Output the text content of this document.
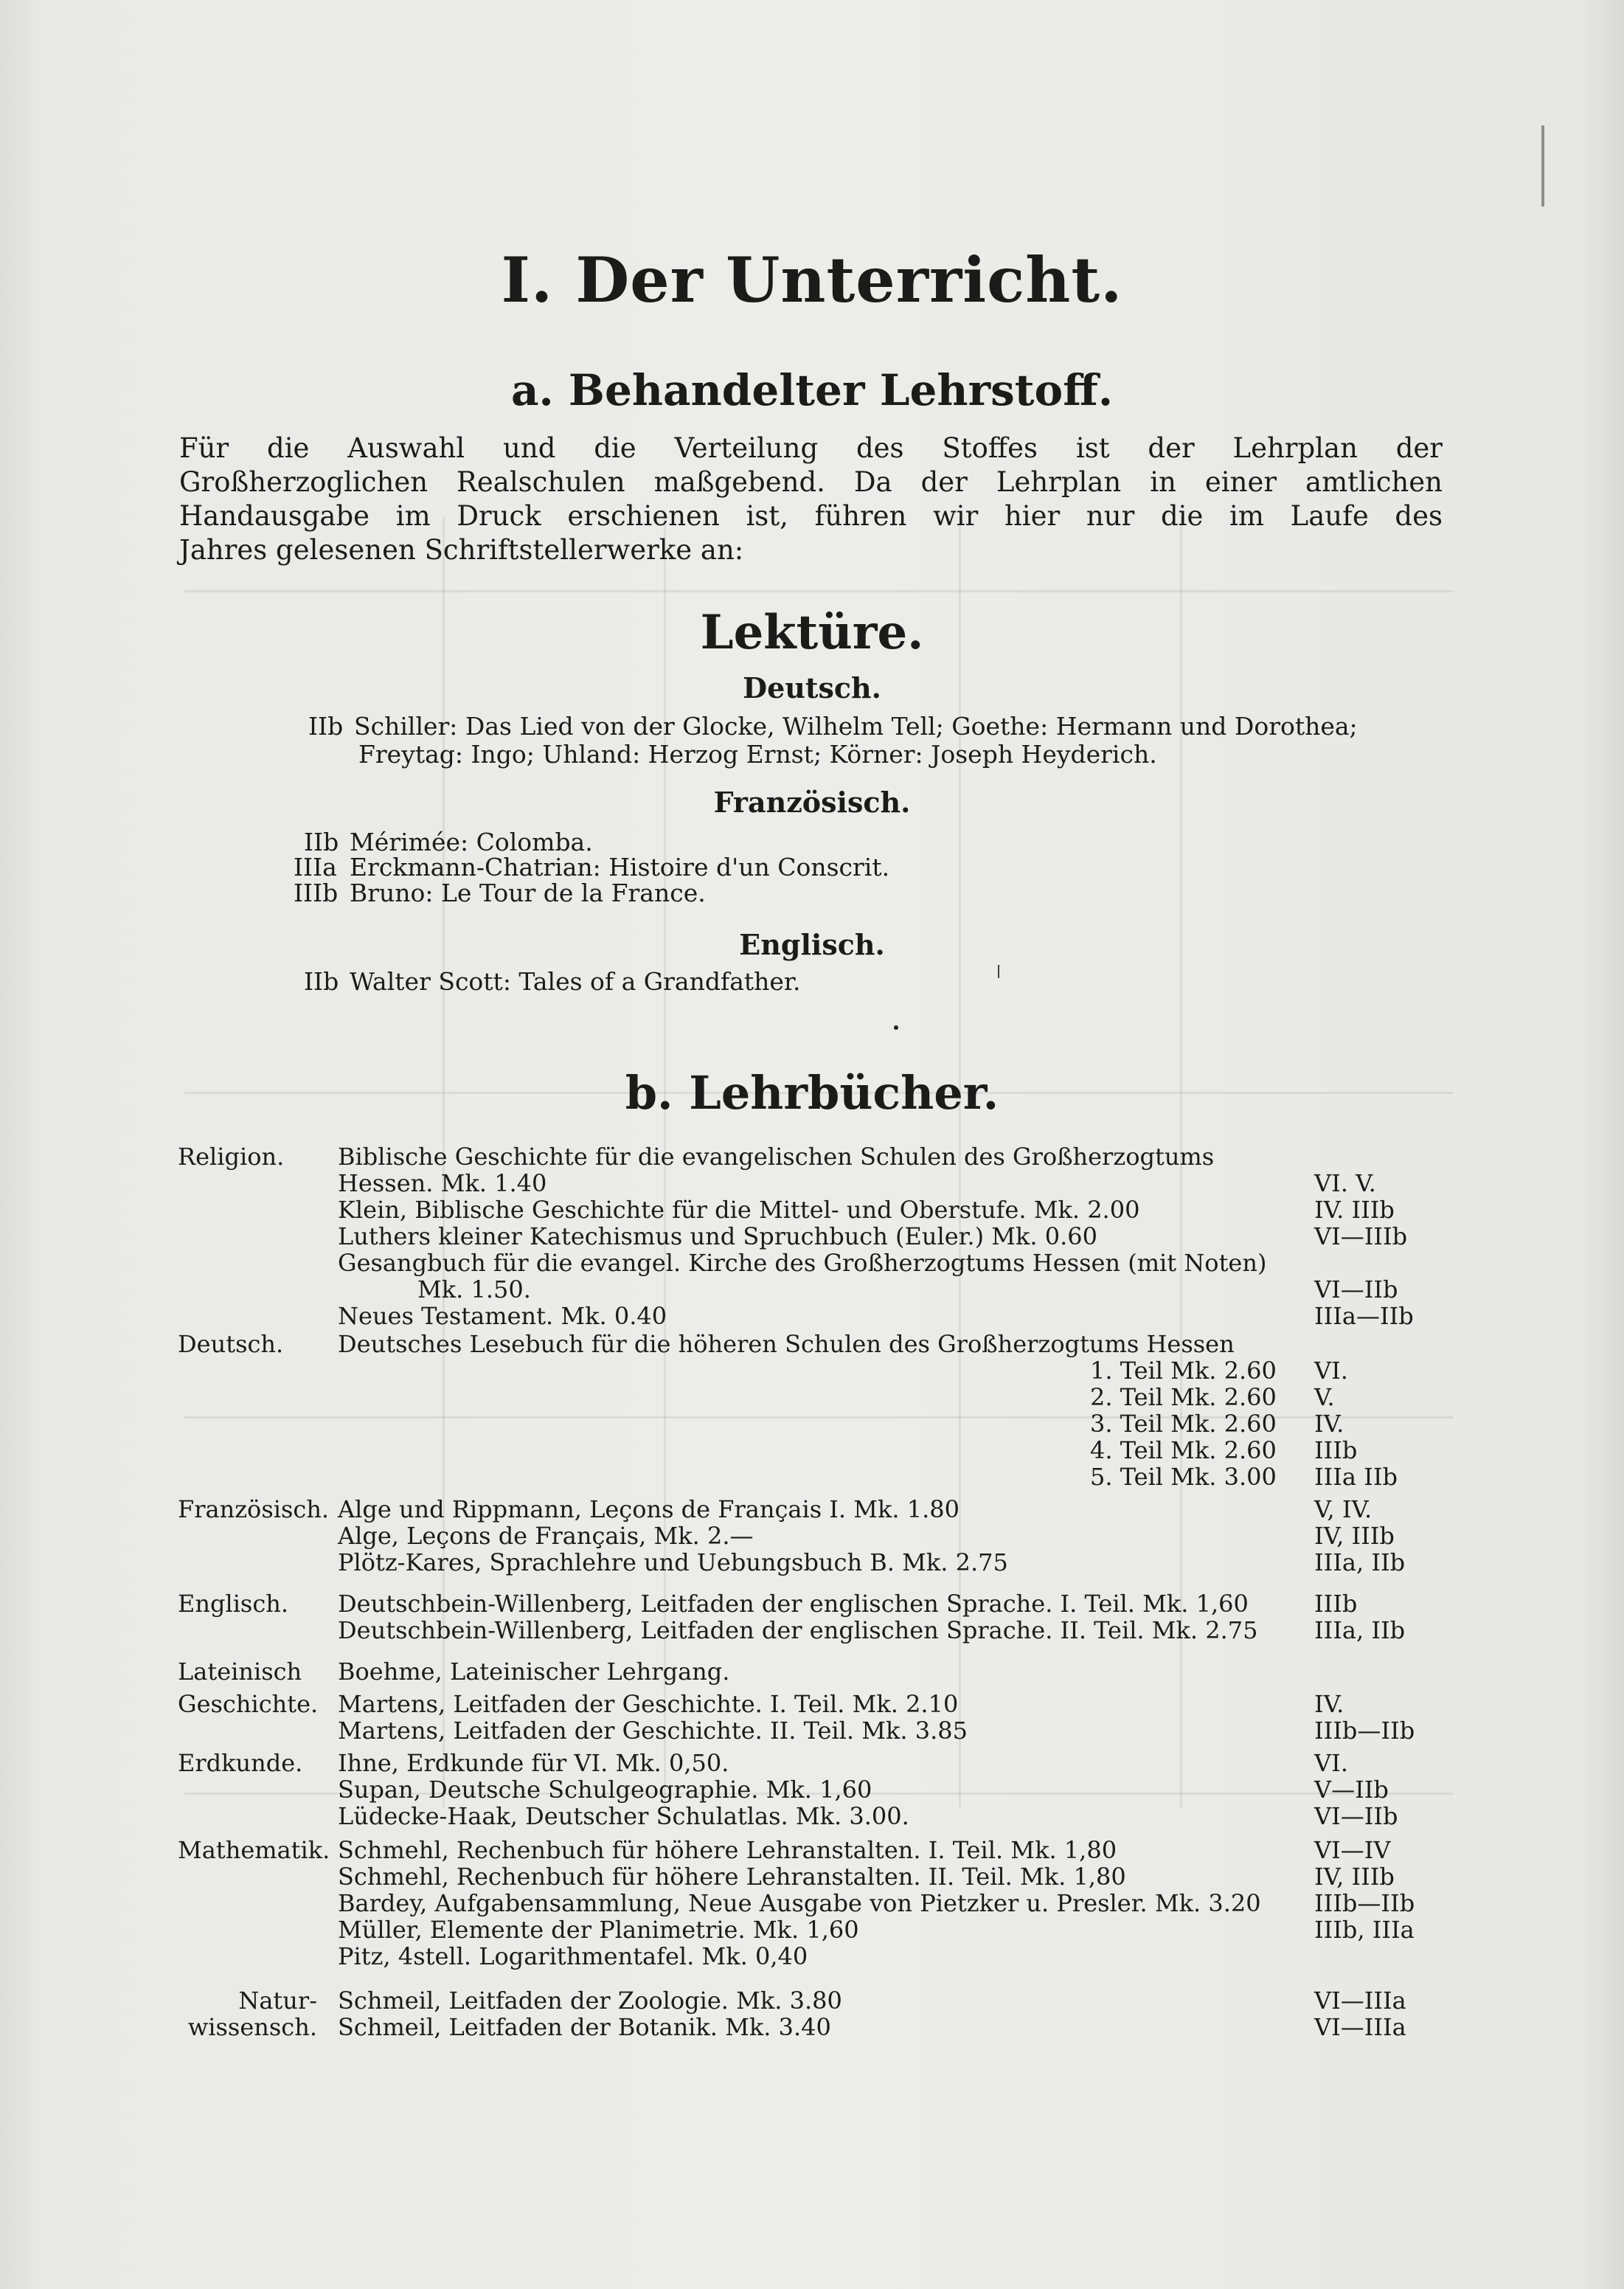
I. Der Unterricht.
a. Behandelter Lehrstoff.
Für die Auswahl und die Verteilung des Stoffes ist der Lehrplan der
Großherzoglichen Realschulen maßgebend. Da der Lehrplan in einer amtlichen
Handausgabe im Druck erschienen ist, führen wir hier nur die im Laufe des
Jahres gelesenen Schriftstellerwerke an:
Lektüre.
Deutsch.
IIb Schiller: Das Lied von der Glocke, Wilhelm Tell; Goethe: Hermann und Dorothea;
Freytag: Ingo; Uhland: Herzog Ernst; Körner: Joseph Heyderich.
Französisch.
IIb Mérimée: Colomba.
IIIa Erckmann-Chatrian: Histoire d'un Conscrit.
IIIb Bruno: Le Tour de la France.
Englisch.
IIb Walter Scott: Tales of a Grandfather.
b. Lehrbücher.
Religion. Biblische Geschichte für die evangelischen Schulen des Großherzogtums
Hessen. Mk. 1.40	VI. V.
Klein, Biblische Geschichte für die Mittel- und Oberstufe. Mk. 2.00	IV. IIIb
Luthers kleiner Katechismus und Spruchbuch (Euler.) Mk. 0.60	VI—IIIb
Gesangbuch für die evangel. Kirche des Großherzogtums Hessen (mit Noten)
Mk. 1.50.	VI—IIb
Neues Testament. Mk. 0.40	IIIa—IIb
Deutsch. Deutsches Lesebuch für die höheren Schulen des Großherzogtums Hessen
1. Teil Mk. 2.60 VI.
2. Teil Mk. 2.60 V.
3. Teil Mk. 2.60 IV.
4. Teil Mk. 2.60 IIIb
5. Teil Mk. 3.00 IIIa IIb
Französisch. Alge und Rippmann, Leçons de Français I. Mk. 1.80	V, IV.
Alge, Leçons de Français, Mk. 2.—	IV, IIIb
Plötz-Kares, Sprachlehre und Uebungsbuch B. Mk. 2.75	IIIa, IIb
Englisch. Deutschbein-Willenberg, Leitfaden der englischen Sprache. I. Teil. Mk. 1,60	IIIb
Deutschbein-Willenberg, Leitfaden der englischen Sprache. II. Teil. Mk. 2.75 IIIa, IIb
Lateinisch Boehme, Lateinischer Lehrgang.
Geschichte. Martens, Leitfaden der Geschichte. I. Teil. Mk. 2.10	IV.
Martens, Leitfaden der Geschichte. II. Teil. Mk. 3.85	IIIb—IIb
Erdkunde. Ihne, Erdkunde für VI. Mk. 0,50.	VI.
Supan, Deutsche Schulgeographie. Mk. 1,60	V—IIb
Lüdecke-Haak, Deutscher Schulatlas. Mk. 3.00.	VI—IIb
Mathematik. Schmehl, Rechenbuch für höhere Lehranstalten. I. Teil. Mk. 1,80	VI—IV
Schmehl, Rechenbuch für höhere Lehranstalten. II. Teil. Mk. 1,80	IV, IIIb
Bardey, Aufgabensammlung, Neue Ausgabe von Pietzker u. Presler. Mk. 3.20 IIIb—IIb
Müller, Elemente der Planimetrie. Mk. 1,60	IIIb, IIIa
Pitz, 4stell. Logarithmentafel. Mk. 0,40
Natur- Schmeil, Leitfaden der Zoologie. Mk. 3.80	VI—IIIa
wissensch. Schmeil, Leitfaden der Botanik. Mk. 3.40	VI—IIIa
